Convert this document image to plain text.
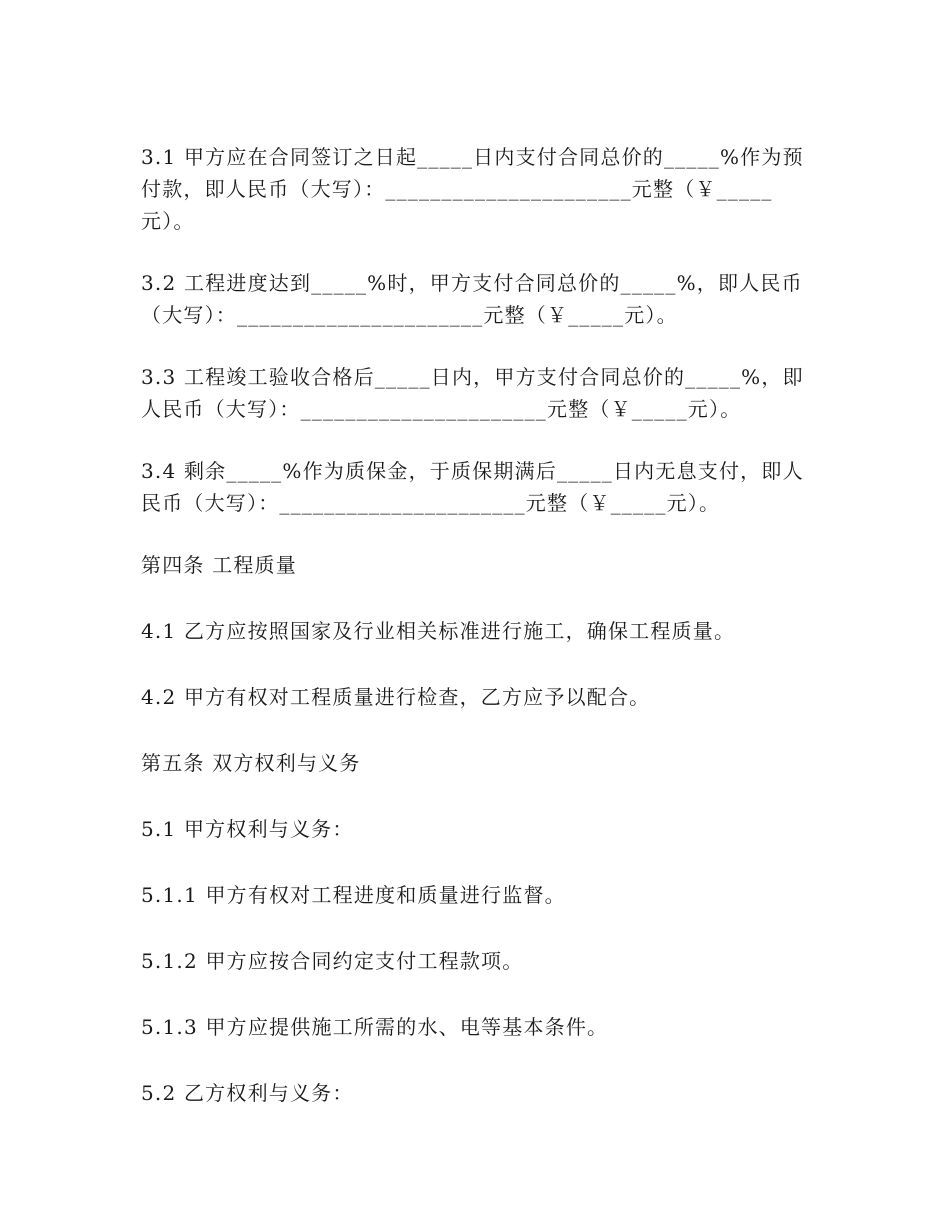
3.1 甲方应在合同签订之日起_____日内支付合同总价的_____%作为预

付款，即人民币（大写）：______________________元整（￥_____

元）。

3.2 工程进度达到_____%时，甲方支付合同总价的_____%，即人民币

（大写）：______________________元整（￥_____元）。

3.3 工程竣工验收合格后_____日内，甲方支付合同总价的_____%，即

人民币（大写）：______________________元整（￥_____元）。

3.4 剩余_____%作为质保金，于质保期满后_____日内无息支付，即人

民币（大写）：______________________元整（￥_____元）。

第四条 工程质量

4.1 乙方应按照国家及行业相关标准进行施工，确保工程质量。

4.2 甲方有权对工程质量进行检查，乙方应予以配合。

第五条 双方权利与义务

5.1 甲方权利与义务：

5.1.1 甲方有权对工程进度和质量进行监督。

5.1.2 甲方应按合同约定支付工程款项。

5.1.3 甲方应提供施工所需的水、电等基本条件。

5.2 乙方权利与义务：
